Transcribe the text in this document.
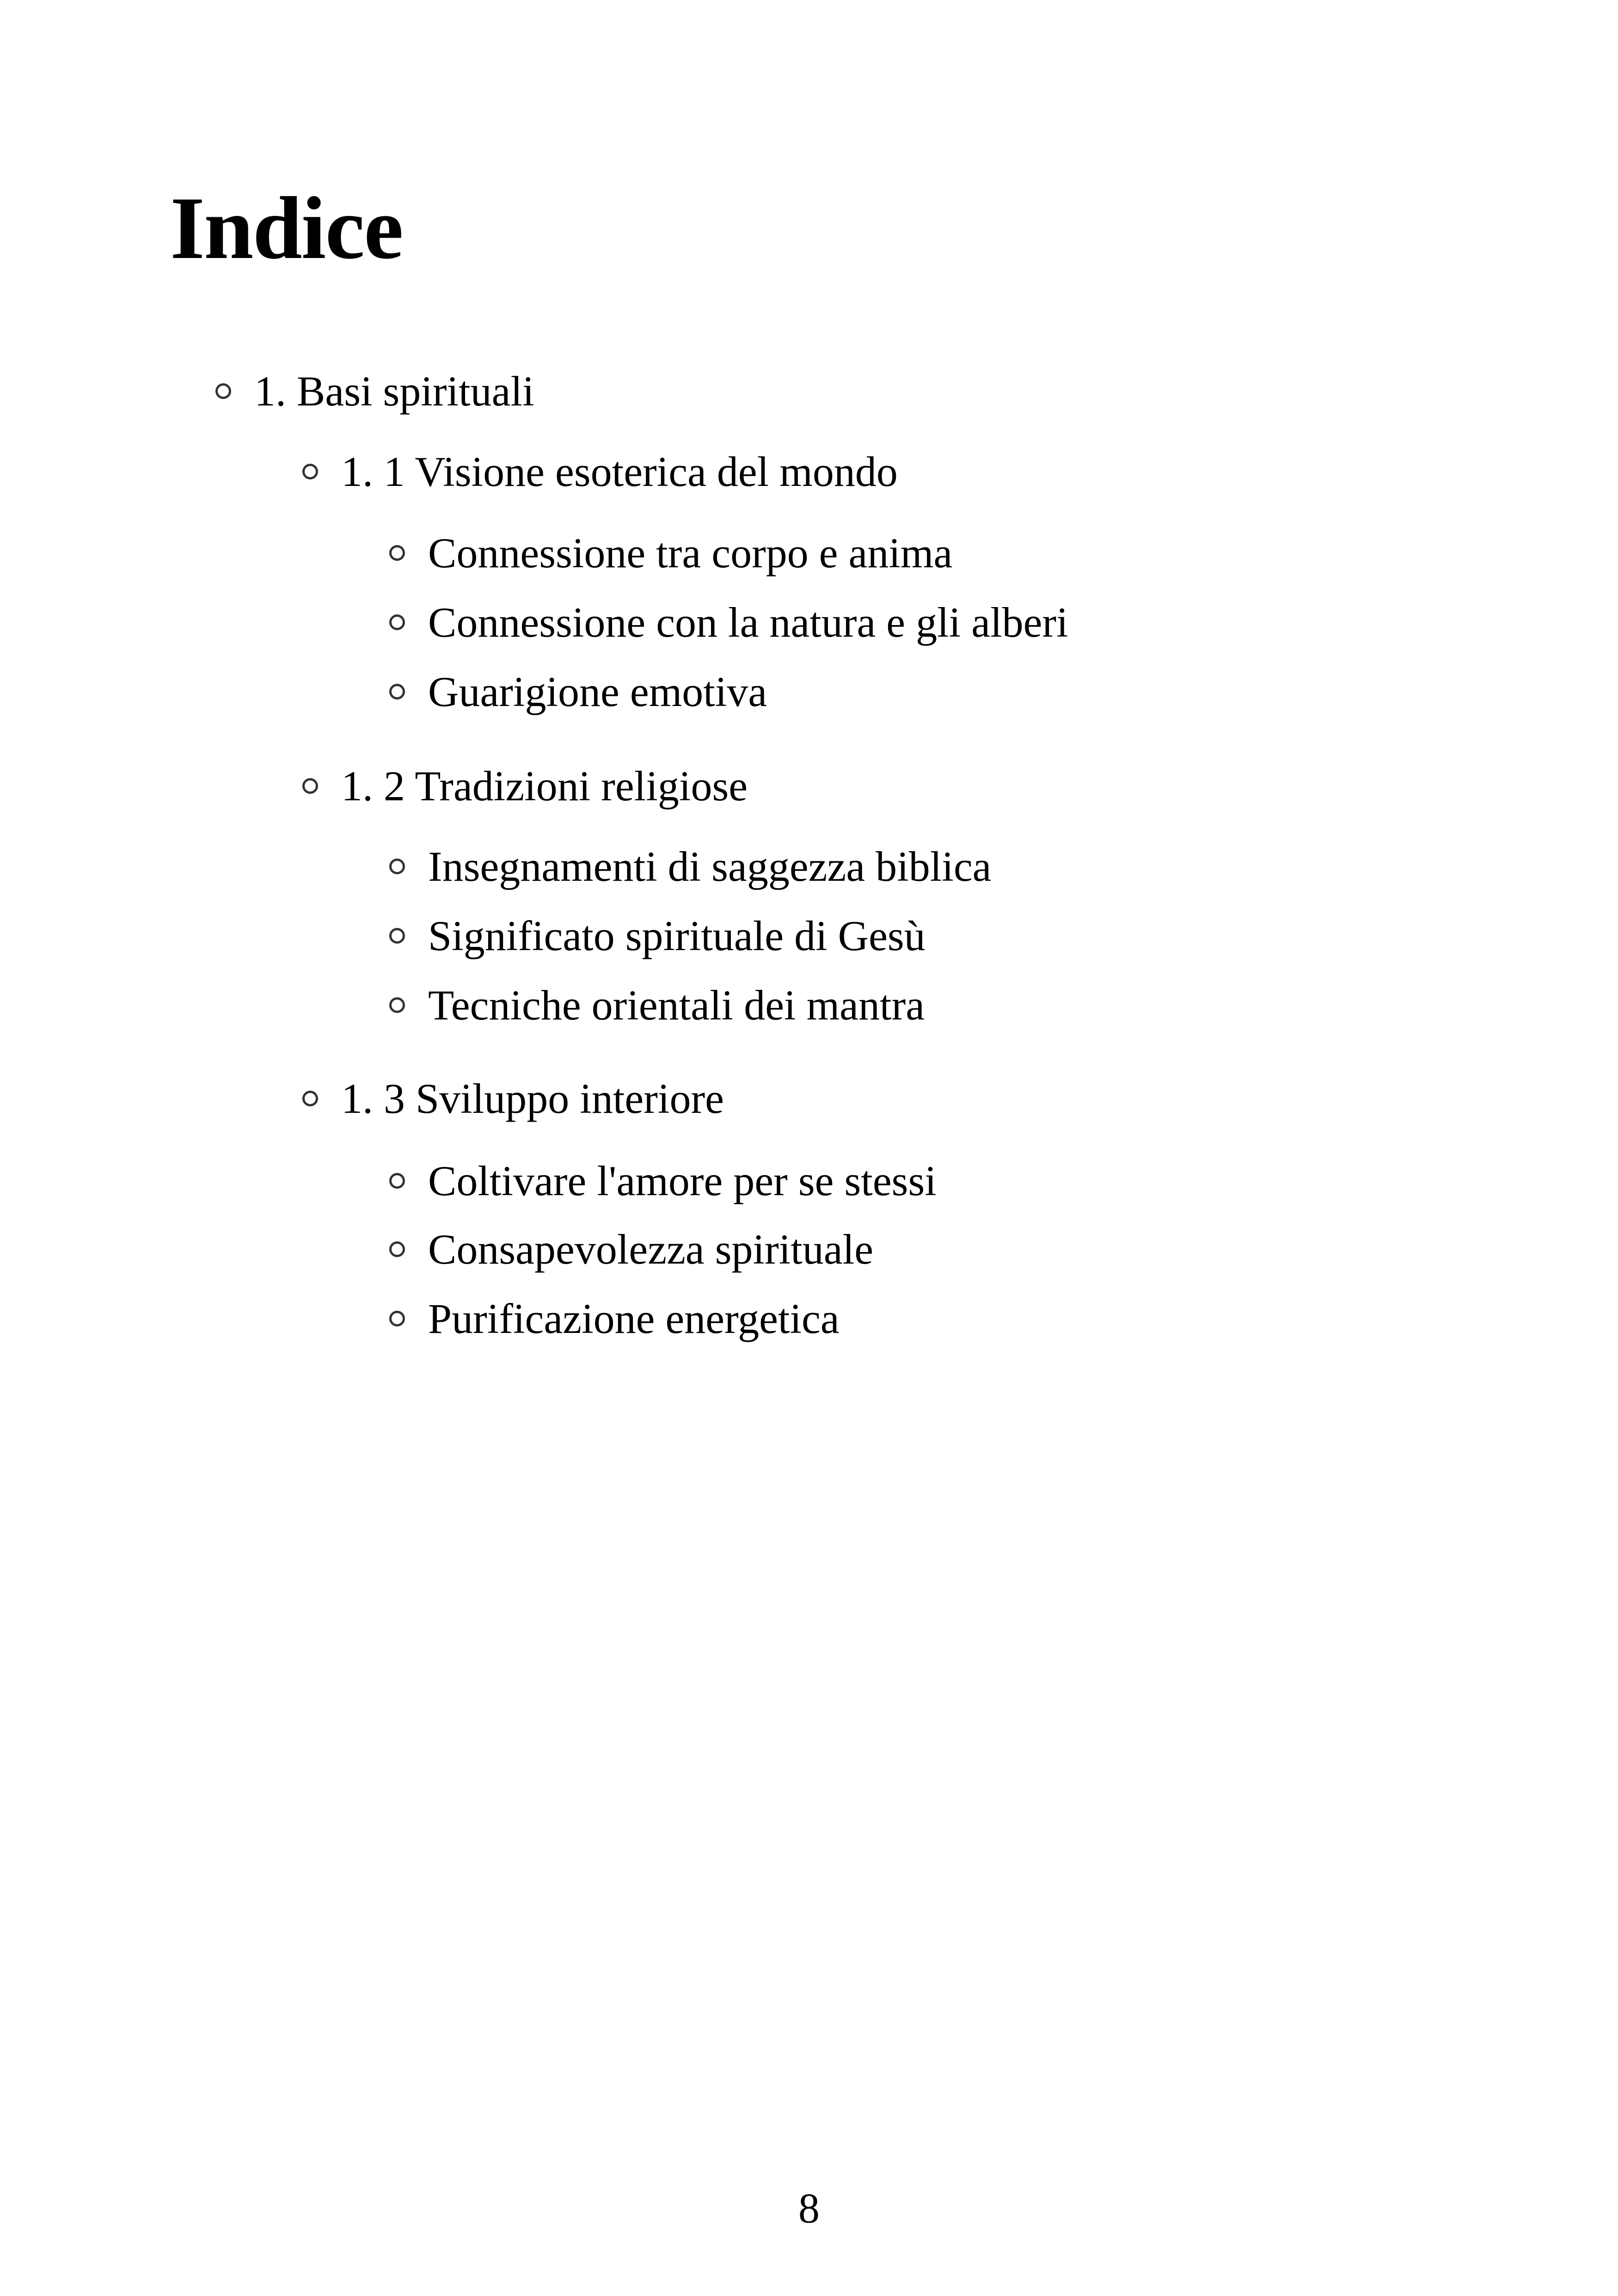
Indice
1. Basi spirituali
1. 1 Visione esoterica del mondo
Connessione tra corpo e anima
Connessione con la natura e gli alberi
Guarigione emotiva
1. 2 Tradizioni religiose
Insegnamenti di saggezza biblica
Significato spirituale di Gesù
Tecniche orientali dei mantra
1. 3 Sviluppo interiore
Coltivare l'amore per se stessi
Consapevolezza spirituale
Purificazione energetica
8
